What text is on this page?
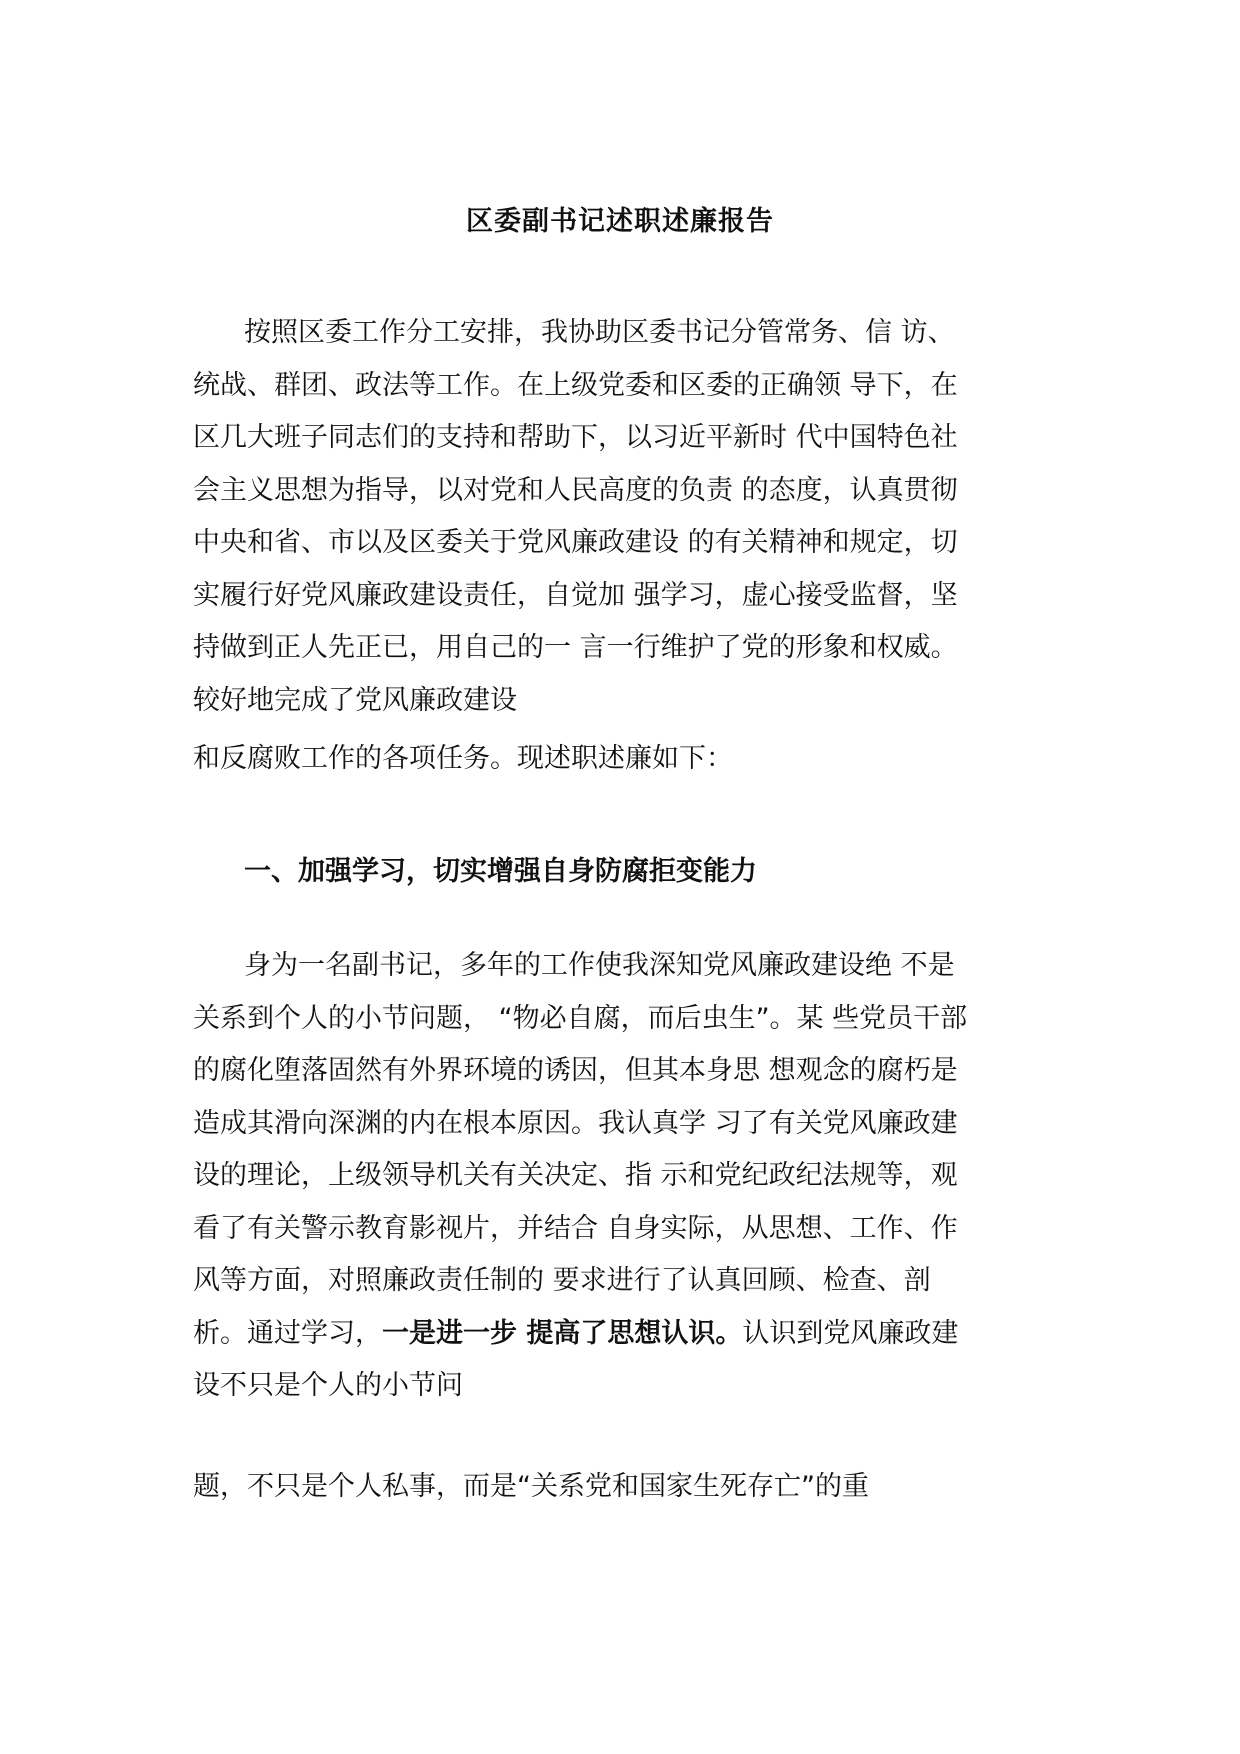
区委副书记述职述廉报告
按照区委工作分工安排，我协助区委书记分管常务、信 访、
统战、群团、政法等工作。在上级党委和区委的正确领 导下，在
区几大班子同志们的支持和帮助下，以习近平新时 代中国特色社
会主义思想为指导，以对党和人民高度的负责 的态度，认真贯彻
中央和省、市以及区委关于党风廉政建设 的有关精神和规定，切
实履行好党风廉政建设责任，自觉加 强学习，虚心接受监督，坚
持做到正人先正已，用自己的一 言一行维护了党的形象和权威。
较好地完成了党风廉政建设
和反腐败工作的各项任务。现述职述廉如下：
一、加强学习，切实增强自身防腐拒变能力
身为一名副书记，多年的工作使我深知党风廉政建设绝 不是
关系到个人的小节问题， “物必自腐，而后虫生”。某 些党员干部
的腐化堕落固然有外界环境的诱因，但其本身思 想观念的腐朽是
造成其滑向深渊的内在根本原因。我认真学 习了有关党风廉政建
设的理论，上级领导机关有关决定、指 示和党纪政纪法规等，观
看了有关警示教育影视片，并结合 自身实际，从思想、工作、作
风等方面，对照廉政责任制的 要求进行了认真回顾、检查、剖
析。通过学习，一是进一步 提高了思想认识。认识到党风廉政建
设不只是个人的小节问
题，不只是个人私事，而是“关系党和国家生死存亡”的重
